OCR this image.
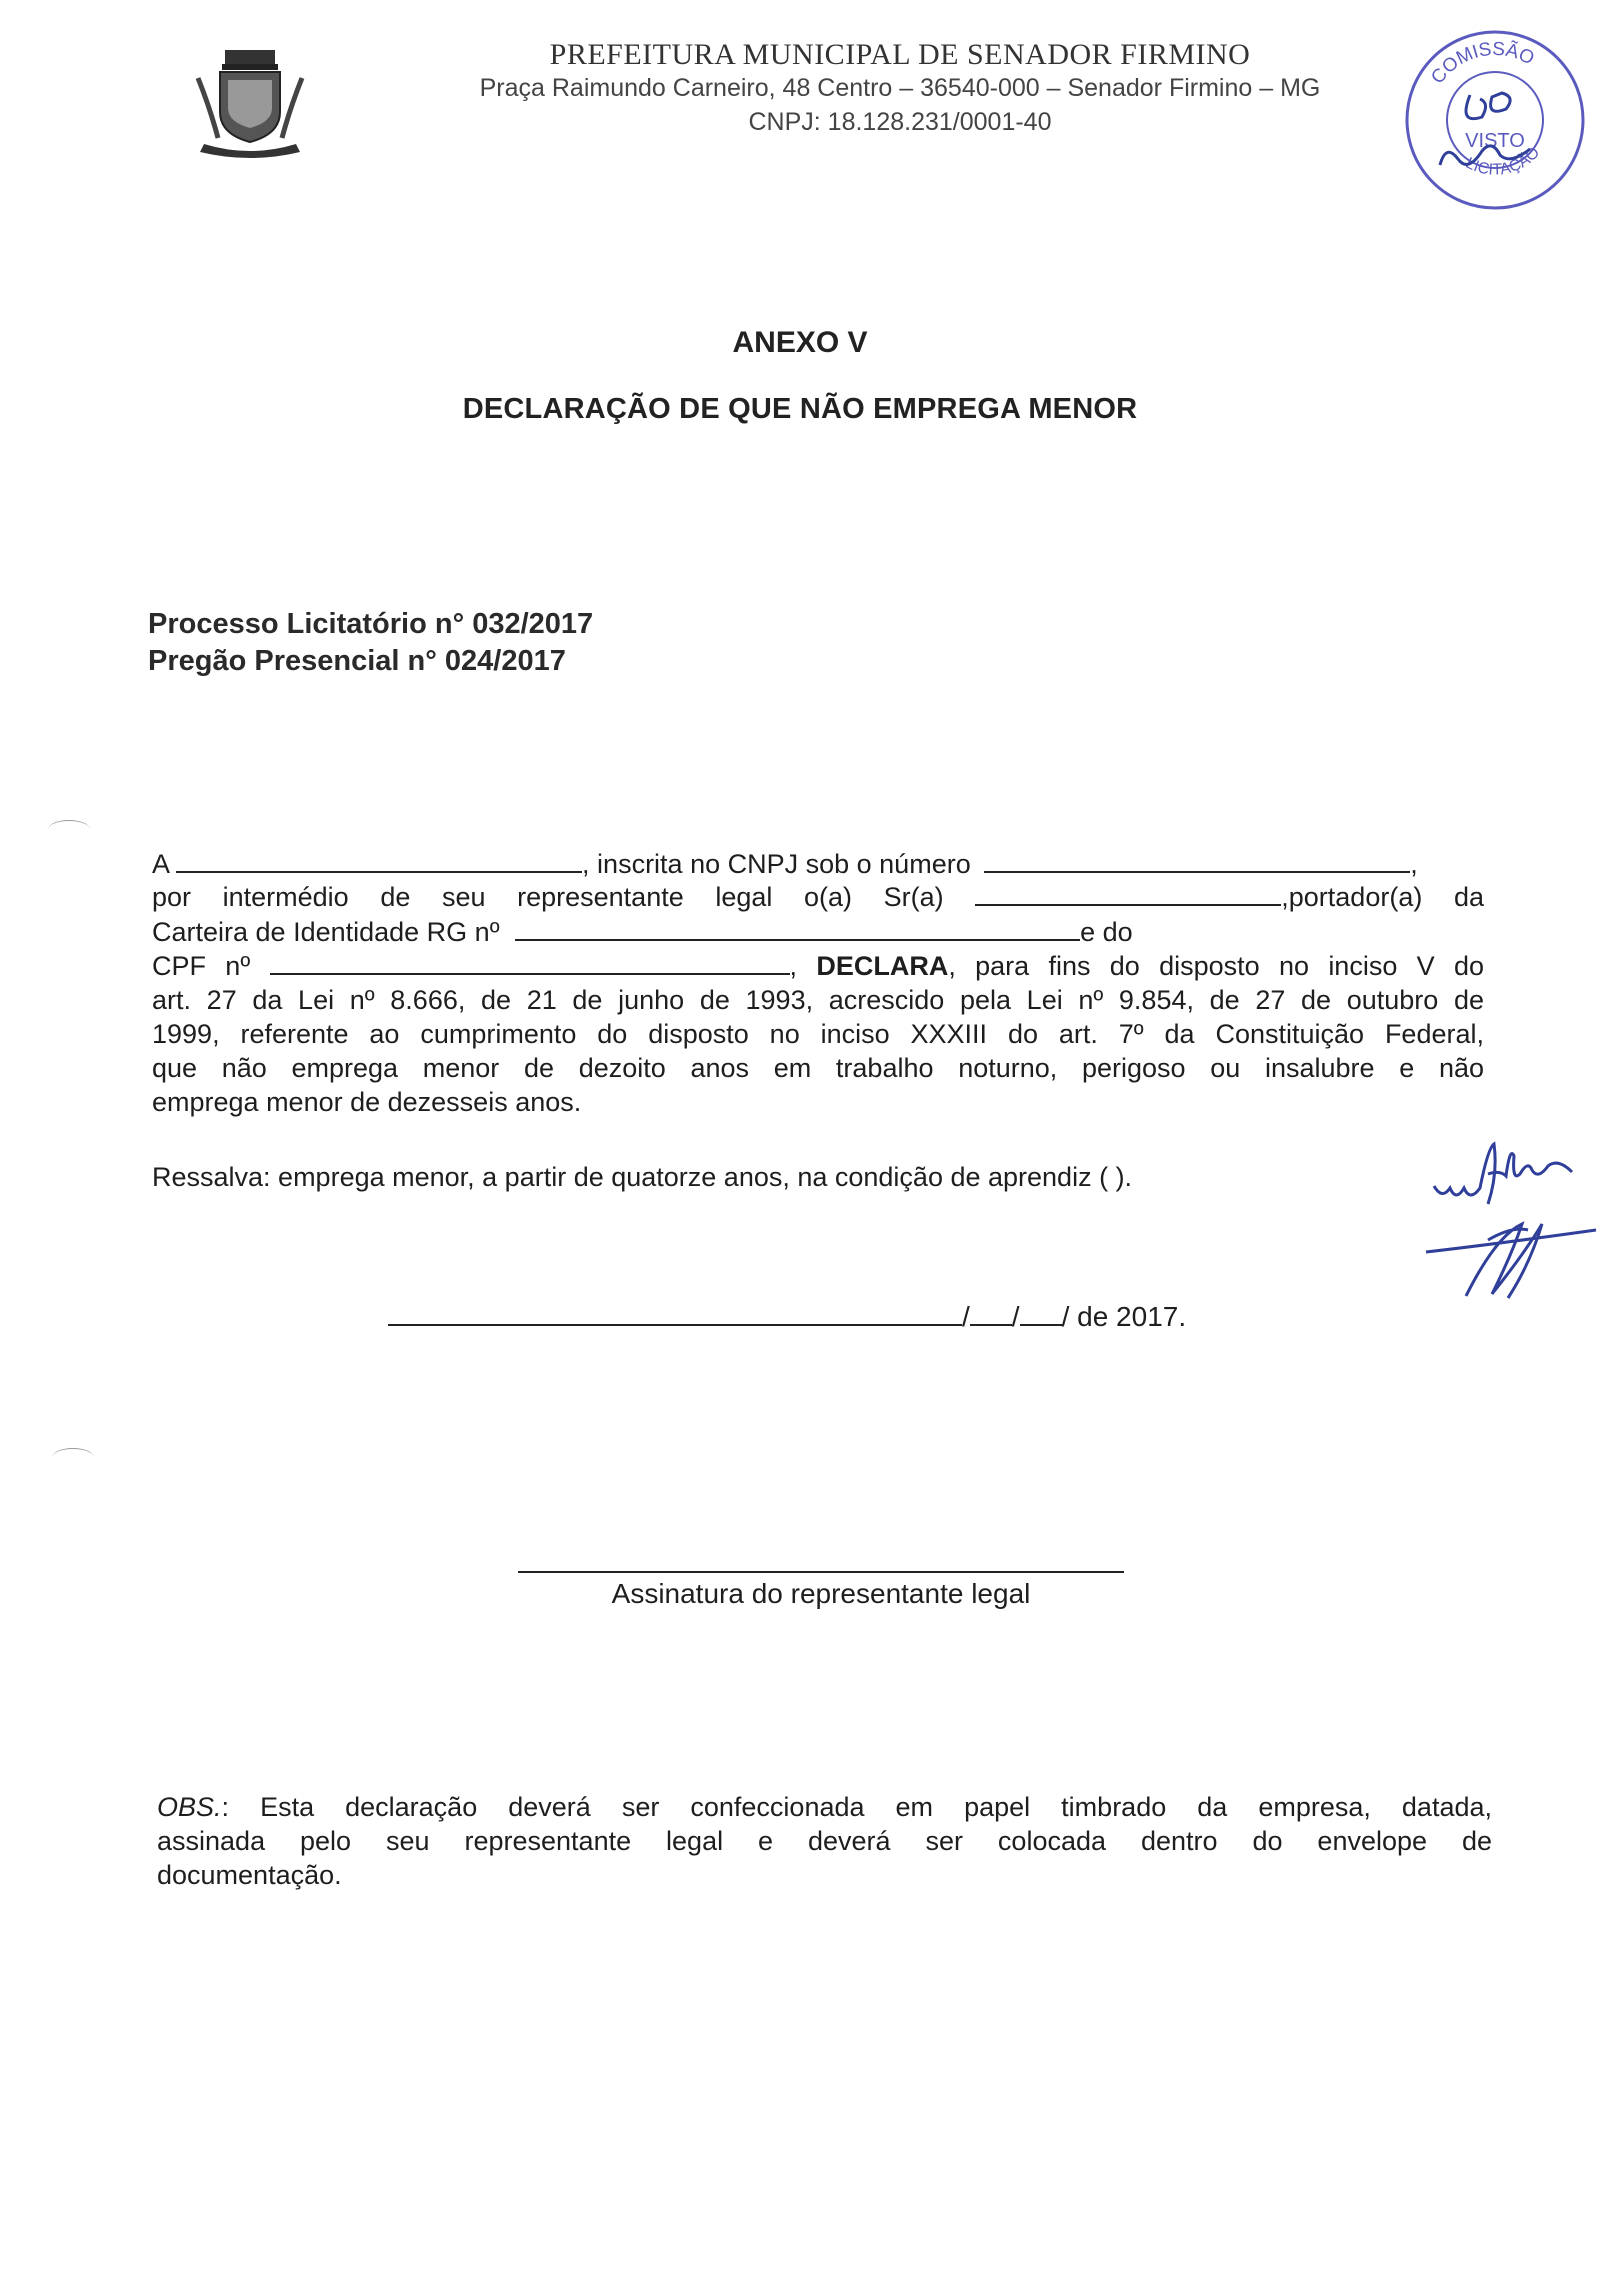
PREFEITURA MUNICIPAL DE SENADOR FIRMINO
Praça Raimundo Carneiro, 48 Centro – 36540-000 – Senador Firmino – MG
CNPJ: 18.128.231/0001-40
COMISSÃO
LICITAÇÃO
VISTO
ANEXO V
DECLARAÇÃO DE QUE NÃO EMPREGA MENOR
Processo Licitatório n° 032/2017
Pregão Presencial n° 024/2017
A	, inscrita no CNPJ sob o número	,
por intermédio de seu representante legal o(a) Sr(a)	,portador(a) da
Carteira de Identidade RG nº	e do
CPF nº	, DECLARA, para fins do disposto no inciso V do
art. 27 da Lei nº 8.666, de 21 de junho de 1993, acrescido pela Lei nº 9.854, de 27 de outubro de
1999, referente ao cumprimento do disposto no inciso XXXIII do art. 7º da Constituição Federal,
que não emprega menor de dezoito anos em trabalho noturno, perigoso ou insalubre e não
emprega menor de dezesseis anos.
Ressalva: emprega menor, a partir de quatorze anos, na condição de aprendiz ( ).
/ / / de 2017.
Assinatura do representante legal
OBS.: Esta declaração deverá ser confeccionada em papel timbrado da empresa, datada,
assinada pelo seu representante legal e deverá ser colocada dentro do envelope de
documentação.
